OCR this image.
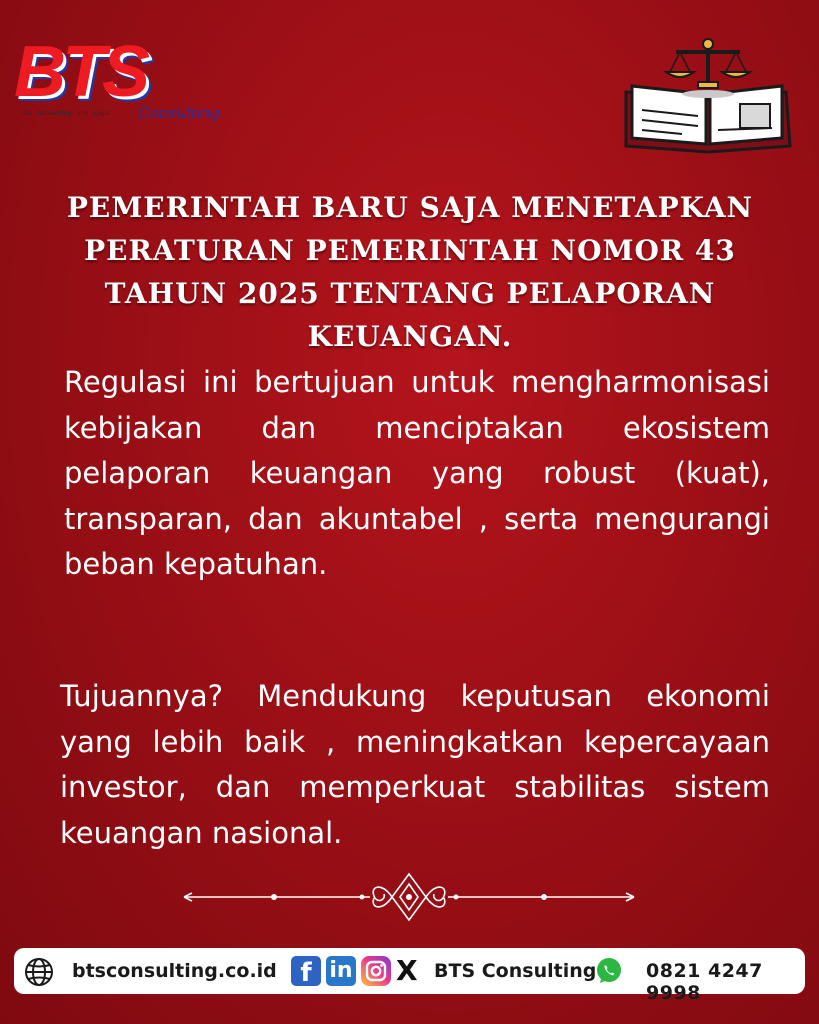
BTS
Tax · Accounting · and · Legal Consulting
PEMERINTAH BARU SAJA MENETAPKAN PERATURAN PEMERINTAH NOMOR 43 TAHUN 2025 TENTANG PELAPORAN KEUANGAN.
Regulasi ini bertujuan untuk mengharmonisasi kebijakan dan menciptakan ekosistem pelaporan keuangan yang robust (kuat), transparan, dan akuntabel , serta mengurangi beban kepatuhan.
Tujuannya? Mendukung keputusan ekonomi yang lebih baik , meningkatkan kepercayaan investor, dan memperkuat stabilitas sistem keuangan nasional.
btsconsulting.co.id f in X BTS Consulting	0821 4247 9998
